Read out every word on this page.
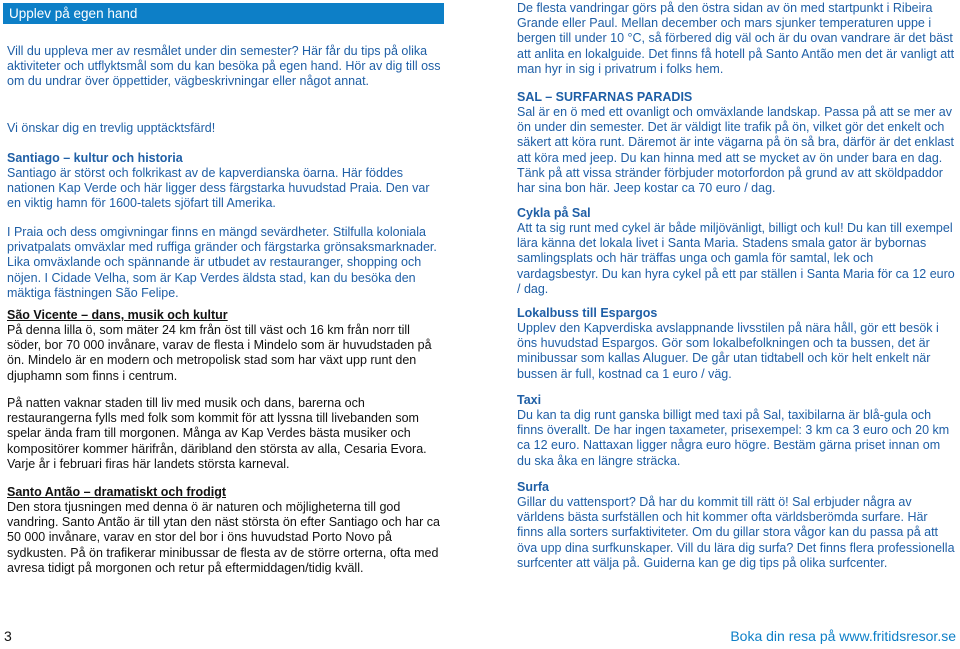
Upplev på egen hand

Vill du uppleva mer av resmålet under din semester? Här får du tips på olika aktiviteter och utflyktsmål som du kan besöka på egen hand. Hör av dig till oss om du undrar över öppettider, vägbeskrivningar eller något annat.

Vi önskar dig en trevlig upptäcktsfärd!

Santiago – kultur och historia

Santiago är störst och folkrikast av de kapverdianska öarna. Här föddes nationen Kap Verde och här ligger dess färgstarka huvudstad Praia. Den var en viktig hamn för 1600-talets sjöfart till Amerika.

I Praia och dess omgivningar finns en mängd sevärdheter. Stilfulla koloniala privatpalats omväxlar med ruffiga gränder och färgstarka grönsaksmarknader. Lika omväxlande och spännande är utbudet av restauranger, shopping och nöjen. I Cidade Velha, som är Kap Verdes äldsta stad, kan du besöka den mäktiga fästningen São Felipe.

São Vicente – dans, musik och kultur

På denna lilla ö, som mäter 24 km från öst till väst och 16 km från norr till söder, bor 70 000 invånare, varav de flesta i Mindelo som är huvudstaden på ön. Mindelo är en modern och metropolisk stad som har växt upp runt den djuphamn som finns i centrum.

På natten vaknar staden till liv med musik och dans, barerna och restaurangerna fylls med folk som kommit för att lyssna till livebanden som spelar ända fram till morgonen. Många av Kap Verdes bästa musiker och kompositörer kommer härifrån, däribland den största av alla, Cesaria Evora. Varje år i februari firas här landets största karneval.

Santo Antão – dramatiskt och frodigt

Den stora tjusningen med denna ö är naturen och möjligheterna till god vandring. Santo Antão är till ytan den näst största ön efter Santiago och har ca 50 000 invånare, varav en stor del bor i öns huvudstad Porto Novo på sydkusten. På ön trafikerar minibussar de flesta av de större orterna, ofta med avresa tidigt på morgonen och retur på eftermiddagen/tidig kväll.

De flesta vandringar görs på den östra sidan av ön med startpunkt i Ribeira Grande eller Paul. Mellan december och mars sjunker temperaturen uppe i bergen till under 10 °C, så förbered dig väl och är du ovan vandrare är det bäst att anlita en lokalguide. Det finns få hotell på Santo Antão men det är vanligt att man hyr in sig i privatrum i folks hem.

SAL – SURFARNAS PARADIS

Sal är en ö med ett ovanligt och omväxlande landskap. Passa på att se mer av ön under din semester. Det är väldigt lite trafik på ön, vilket gör det enkelt och säkert att köra runt. Däremot är inte vägarna på ön så bra, därför är det enklast att köra med jeep. Du kan hinna med att se mycket av ön under bara en dag. Tänk på att vissa stränder förbjuder motorfordon på grund av att sköldpaddor har sina bon här. Jeep kostar ca 70 euro / dag.

Cykla på Sal

Att ta sig runt med cykel är både miljövänligt, billigt och kul! Du kan till exempel lära känna det lokala livet i Santa Maria. Stadens smala gator är bybornas samlingsplats och här träffas unga och gamla för samtal, lek och vardagsbestyr. Du kan hyra cykel på ett par ställen i Santa Maria för ca 12 euro / dag.

Lokalbuss till Espargos

Upplev den Kapverdiska avslappnande livsstilen på nära håll, gör ett besök i öns huvudstad Espargos. Gör som lokalbefolkningen och ta bussen, det är minibussar som kallas Aluguer. De går utan tidtabell och kör helt enkelt när bussen är full, kostnad ca 1 euro / väg.

Taxi

Du kan ta dig runt ganska billigt med taxi på Sal, taxibilarna är blå-gula och finns överallt. De har ingen taxameter, prisexempel: 3 km ca 3 euro och 20 km ca 12 euro. Nattaxan ligger några euro högre. Bestäm gärna priset innan om du ska åka en längre sträcka.

Surfa

Gillar du vattensport? Då har du kommit till rätt ö! Sal erbjuder några av världens bästa surfställen och hit kommer ofta världsberömda surfare. Här finns alla sorters surfaktiviteter. Om du gillar stora vågor kan du passa på att öva upp dina surfkunskaper. Vill du lära dig surfa? Det finns flera professionella surfcenter att välja på. Guiderna kan ge dig tips på olika surfcenter.

3	Boka din resa på www.fritidsresor.se
